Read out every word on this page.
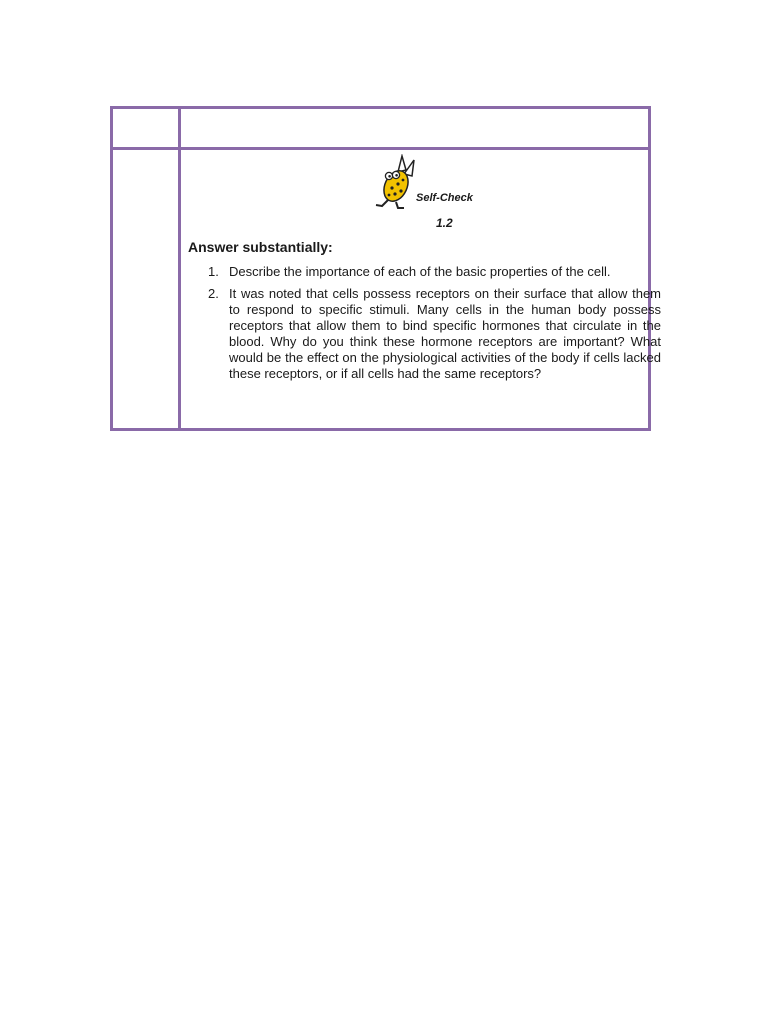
Self-Check
1.2
Answer substantially:
1. Describe the importance of each of the basic properties of the cell.
2. It was noted that cells possess receptors on their surface that allow them to respond to specific stimuli. Many cells in the human body possess receptors that allow them to bind specific hormones that circulate in the blood. Why do you think these hormone receptors are important? What would be the effect on the physiological activities of the body if cells lacked these receptors, or if all cells had the same receptors?
